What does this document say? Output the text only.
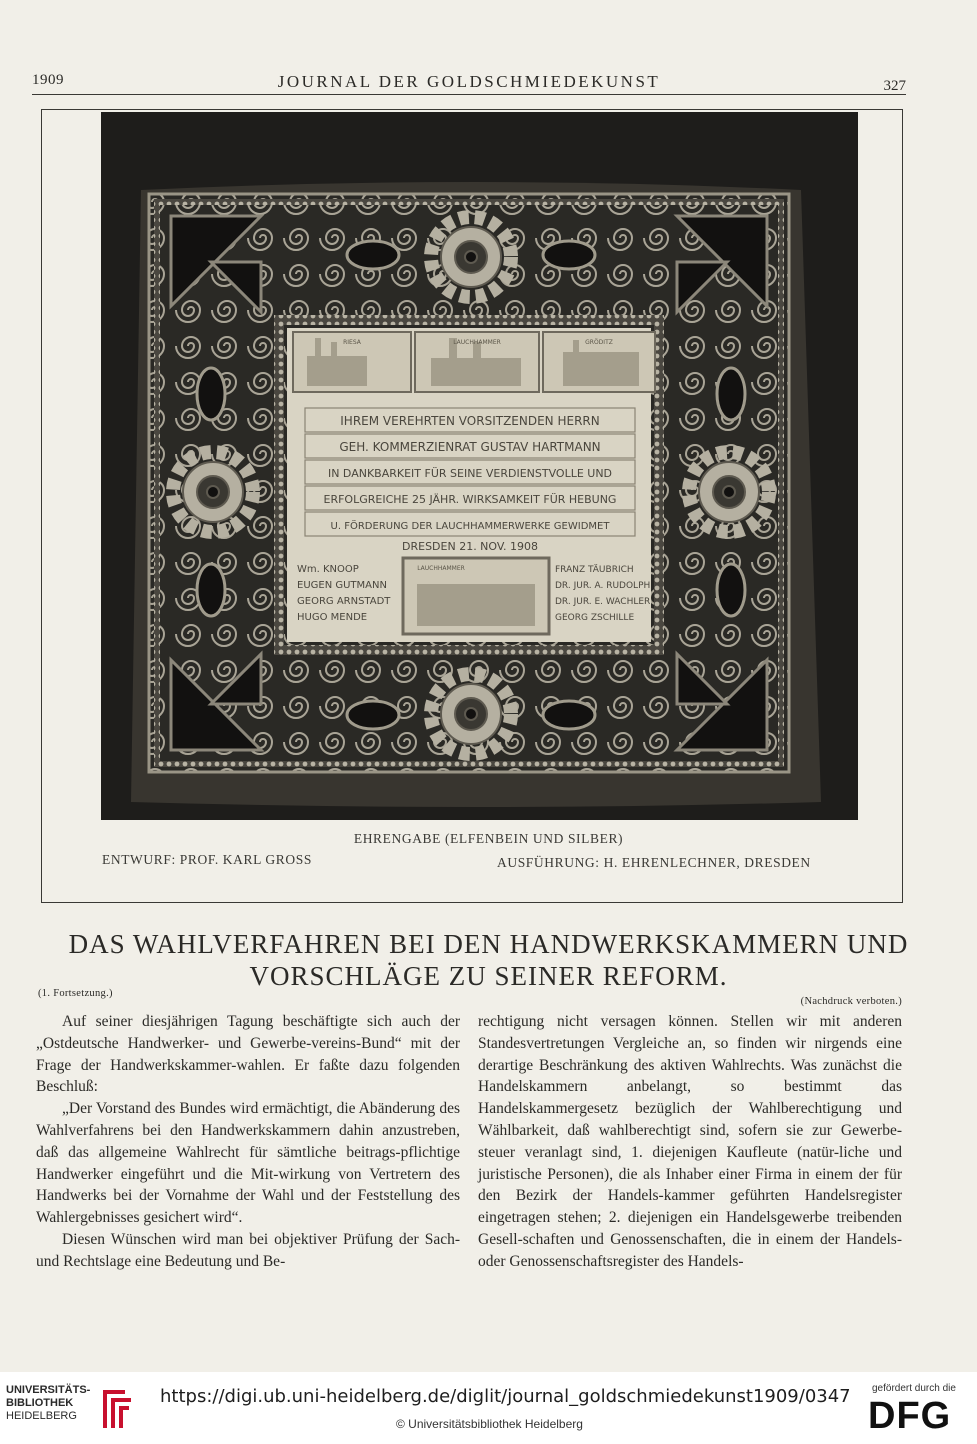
1909	JOURNAL DER GOLDSCHMIEDEKUNST	327
IHREM VEREHRTEN VORSITZENDEN HERRN
GEH. KOMMERZIENRAT GUSTAV HARTMANN
IN DANKBARKEIT FÜR SEINE VERDIENSTVOLLE UND
ERFOLGREICHE 25 JÄHR. WIRKSAMKEIT FÜR HEBUNG
U. FÖRDERUNG DER LAUCHHAMMERWERKE GEWIDMET
DRESDEN 21. NOV. 1908
Wm. KNOOP
EUGEN GUTMANN
GEORG ARNSTADT
HUGO MENDE
FRANZ TÄUBRICH
DR. JUR. A. RUDOLPH
DR. JUR. E. WACHLER
GEORG ZSCHILLE
RIESA	LAUCHHAMMER	GRÖDITZ
LAUCHHAMMER
EHRENGABE (ELFENBEIN UND SILBER)
ENTWURF: PROF. KARL GROSS	AUSFÜHRUNG: H. EHRENLECHNER, DRESDEN
DAS WAHLVERFAHREN BEI DEN HANDWERKSKAMMERN UND
VORSCHLÄGE ZU SEINER REFORM.
(1. Fortsetzung.)
(Nachdruck verboten.)

Auf seiner diesjährigen Tagung beschäftigte sich auch der „Ostdeutsche Handwerker- und Gewerbe-vereins-Bund“ mit der Frage der Handwerkskammer-wahlen. Er faßte dazu folgenden Beschluß:

„Der Vorstand des Bundes wird ermächtigt, die Abänderung des Wahlverfahrens bei den Handwerkskammern dahin anzustreben, daß das allgemeine Wahlrecht für sämtliche beitrags-pflichtige Handwerker eingeführt und die Mit-wirkung von Vertretern des Handwerks bei der Vornahme der Wahl und der Feststellung des Wahlergebnisses gesichert wird“.

Diesen Wünschen wird man bei objektiver Prüfung der Sach- und Rechtslage eine Bedeutung und Be-

rechtigung nicht versagen können. Stellen wir mit anderen Standesvertretungen Vergleiche an, so finden wir nirgends eine derartige Beschränkung des aktiven Wahlrechts. Was zunächst die Handelskammern anbelangt, so bestimmt das Handelskammergesetz bezüglich der Wahlberechtigung und Wählbarkeit, daß wahlberechtigt sind, sofern sie zur Gewerbe-steuer veranlagt sind, 1. diejenigen Kaufleute (natür-liche und juristische Personen), die als Inhaber einer Firma in einem der für den Bezirk der Handels-kammer geführten Handelsregister eingetragen stehen; 2. diejenigen ein Handelsgewerbe treibenden Gesell-schaften und Genossenschaften, die in einem der Handels- oder Genossenschaftsregister des Handels-

UNIVERSITÄTS-
BIBLIOTHEK
HEIDELBERG
https://digi.ub.uni-heidelberg.de/diglit/journal_goldschmiedekunst1909/0347
© Universitätsbibliothek Heidelberg
gefördert durch die
DFG
